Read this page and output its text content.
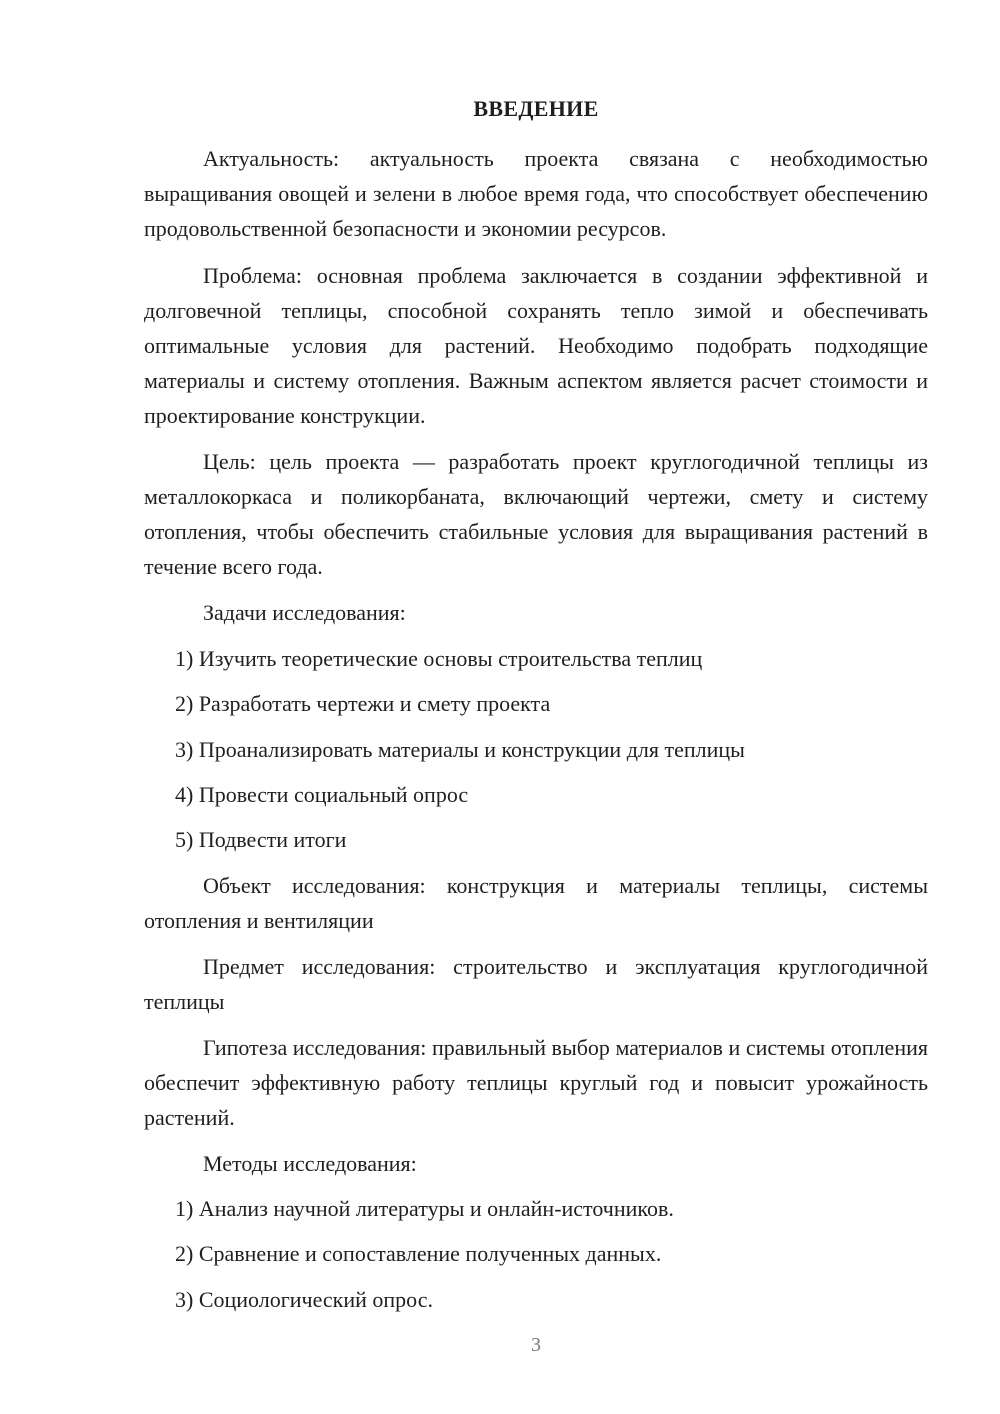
ВВЕДЕНИЕ

Актуальность: актуальность проекта связана с необходимостью выращивания овощей и зелени в любое время года, что способствует обеспечению продовольственной безопасности и экономии ресурсов.

Проблема: основная проблема заключается в создании эффективной и долговечной теплицы, способной сохранять тепло зимой и обеспечивать оптимальные условия для растений. Необходимо подобрать подходящие материалы и систему отопления. Важным аспектом является расчет стоимости и проектирование конструкции.

Цель: цель проекта — разработать проект круглогодичной теплицы из металлокоркаса и поликорбаната, включающий чертежи, смету и систему отопления, чтобы обеспечить стабильные условия для выращивания растений в течение всего года.

Задачи исследования:
1) Изучить теоретические основы строительства теплиц
2) Разработать чертежи и смету проекта
3) Проанализировать материалы и конструкции для теплицы
4) Провести социальный опрос
5) Подвести итоги

Объект исследования: конструкция и материалы теплицы, системы отопления и вентиляции

Предмет исследования: строительство и эксплуатация круглогодичной теплицы

Гипотеза исследования: правильный выбор материалов и системы отопления обеспечит эффективную работу теплицы круглый год и повысит урожайность растений.

Методы исследования:
1) Анализ научной литературы и онлайн-источников.
2) Сравнение и сопоставление полученных данных.
3) Социологический опрос.
3
